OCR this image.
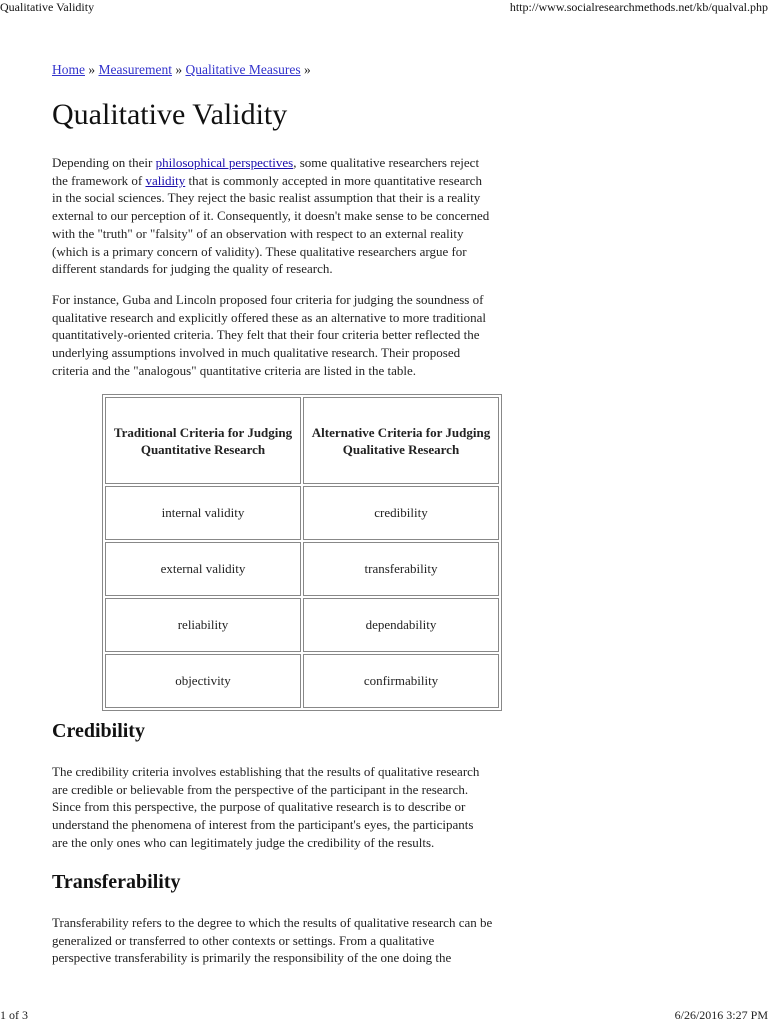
Qualitative Validity	http://www.socialresearchmethods.net/kb/qualval.php
Home » Measurement » Qualitative Measures »
Qualitative Validity
Depending on their philosophical perspectives, some qualitative researchers reject
the framework of validity that is commonly accepted in more quantitative research
in the social sciences. They reject the basic realist assumption that their is a reality
external to our perception of it. Consequently, it doesn't make sense to be concerned
with the "truth" or "falsity" of an observation with respect to an external reality
(which is a primary concern of validity). These qualitative researchers argue for
different standards for judging the quality of research.
For instance, Guba and Lincoln proposed four criteria for judging the soundness of
qualitative research and explicitly offered these as an alternative to more traditional
quantitatively-oriented criteria. They felt that their four criteria better reflected the
underlying assumptions involved in much qualitative research. Their proposed
criteria and the "analogous" quantitative criteria are listed in the table.
Traditional Criteria for Judging Quantitative Research	Alternative Criteria for Judging Qualitative Research
internal validity	credibility
external validity	transferability
reliability	dependability
objectivity	confirmability
Credibility
The credibility criteria involves establishing that the results of qualitative research
are credible or believable from the perspective of the participant in the research.
Since from this perspective, the purpose of qualitative research is to describe or
understand the phenomena of interest from the participant's eyes, the participants
are the only ones who can legitimately judge the credibility of the results.
Transferability
Transferability refers to the degree to which the results of qualitative research can be
generalized or transferred to other contexts or settings. From a qualitative
perspective transferability is primarily the responsibility of the one doing the
1 of 3	6/26/2016 3:27 PM
